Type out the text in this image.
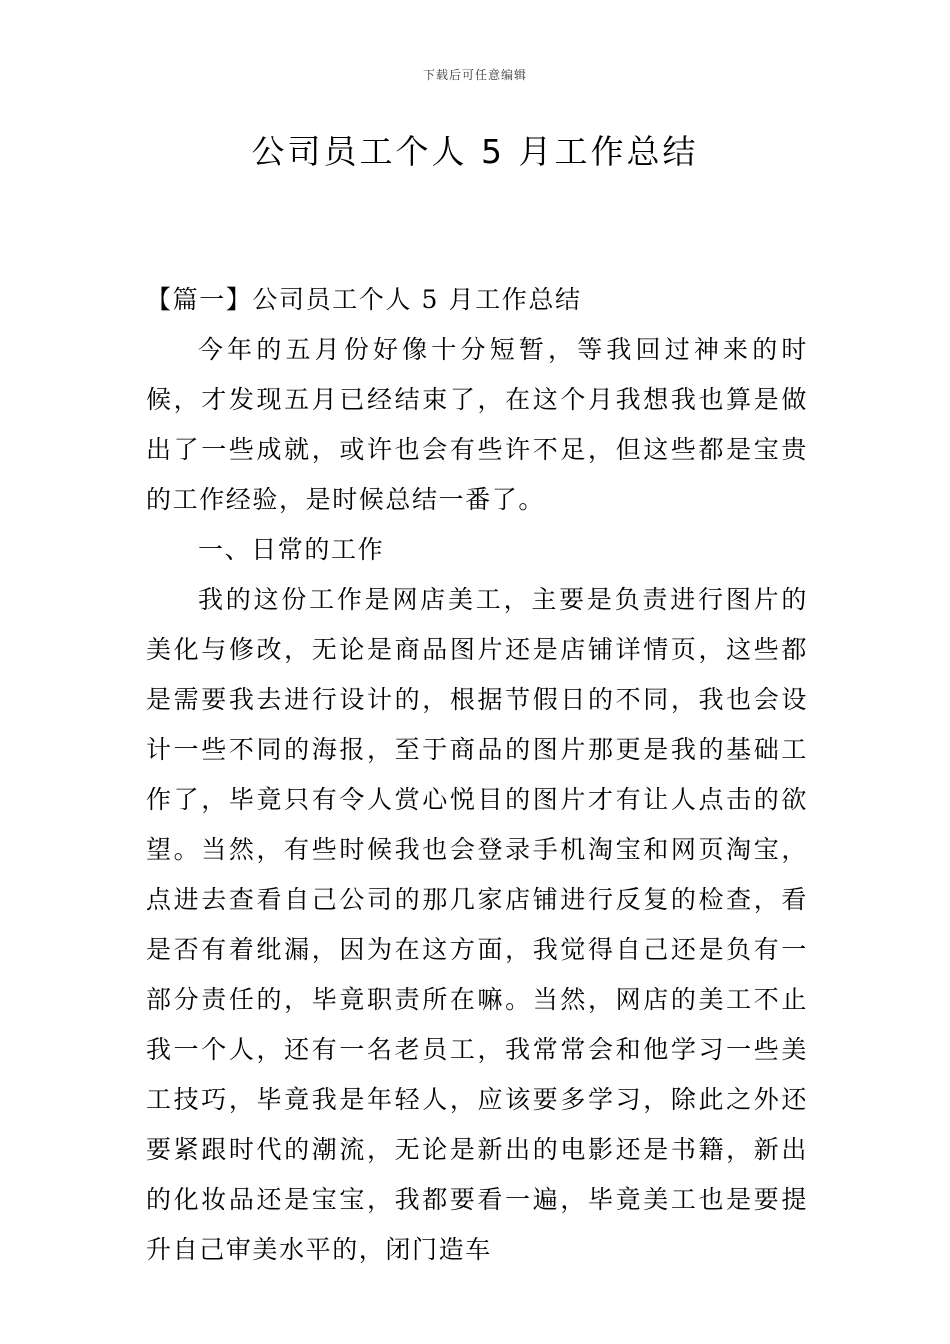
下载后可任意编辑
公司员工个人 5 月工作总结

【篇一】公司员工个人 5 月工作总结

今年的五月份好像十分短暂，等我回过神来的时候，才发现五月已经结束了，在这个月我想我也算是做出了一些成就，或许也会有些许不足，但这些都是宝贵的工作经验，是时候总结一番了。

一、日常的工作

我的这份工作是网店美工，主要是负责进行图片的美化与修改，无论是商品图片还是店铺详情页，这些都是需要我去进行设计的，根据节假日的不同，我也会设计一些不同的海报，至于商品的图片那更是我的基础工作了，毕竟只有令人赏心悦目的图片才有让人点击的欲望。当然，有些时候我也会登录手机淘宝和网页淘宝，点进去查看自己公司的那几家店铺进行反复的检查，看是否有着纰漏，因为在这方面，我觉得自己还是负有一部分责任的，毕竟职责所在嘛。当然，网店的美工不止我一个人，还有一名老员工，我常常会和他学习一些美工技巧，毕竟我是年轻人，应该要多学习，除此之外还要紧跟时代的潮流，无论是新出的电影还是书籍，新出的化妆品还是宝宝，我都要看一遍，毕竟美工也是要提升自己审美水平的，闭门造车
